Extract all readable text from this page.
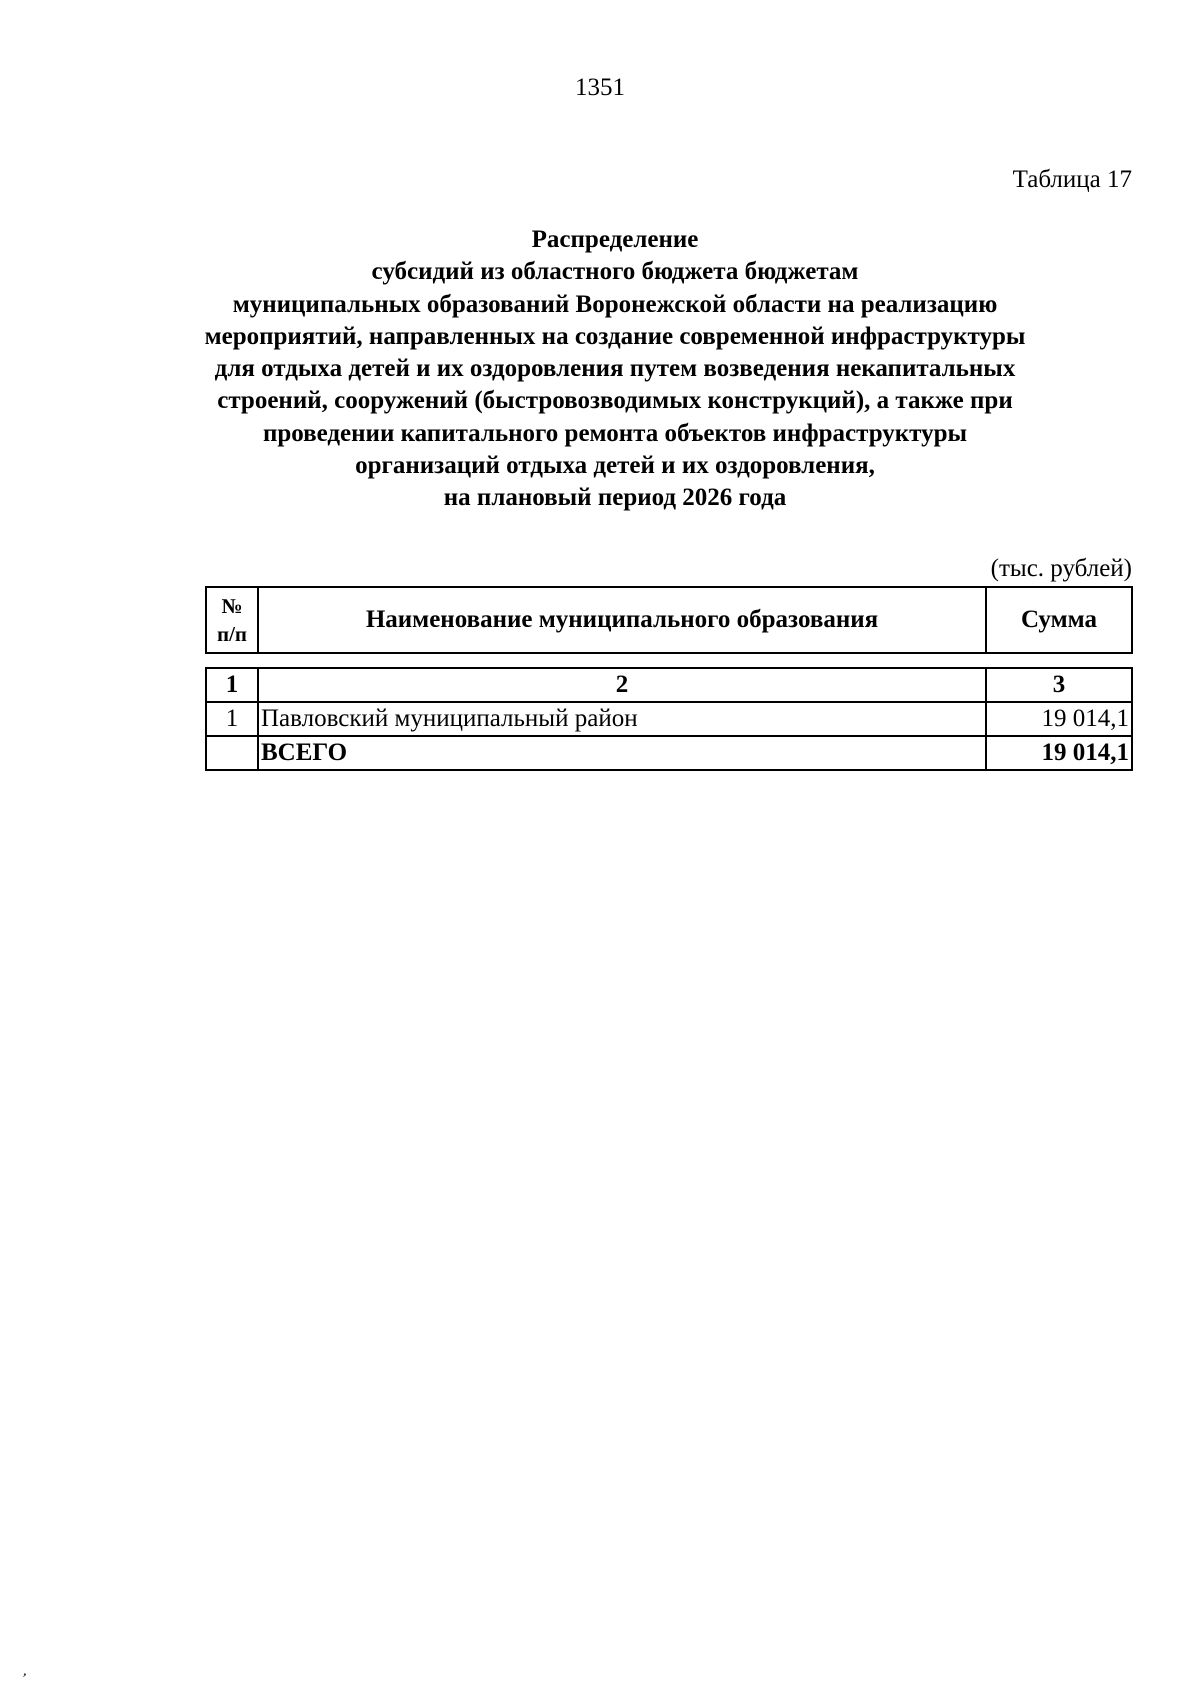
1351
Таблица 17
Распределение
субсидий из областного бюджета бюджетам
муниципальных образований Воронежской области на реализацию
мероприятий, направленных на создание современной инфраструктуры
для отдыха детей и их оздоровления путем возведения некапитальных
строений, сооружений (быстровозводимых конструкций), а также при
проведении капитального ремонта объектов инфраструктуры
организаций отдыха детей и их оздоровления,
на плановый период 2026 года
(тыс. рублей)
№
п/п
	Наименование муниципального образования	Сумма
1	2	3
1	Павловский муниципальный район	19 014,1
	ВСЕГО	19 014,1
,
